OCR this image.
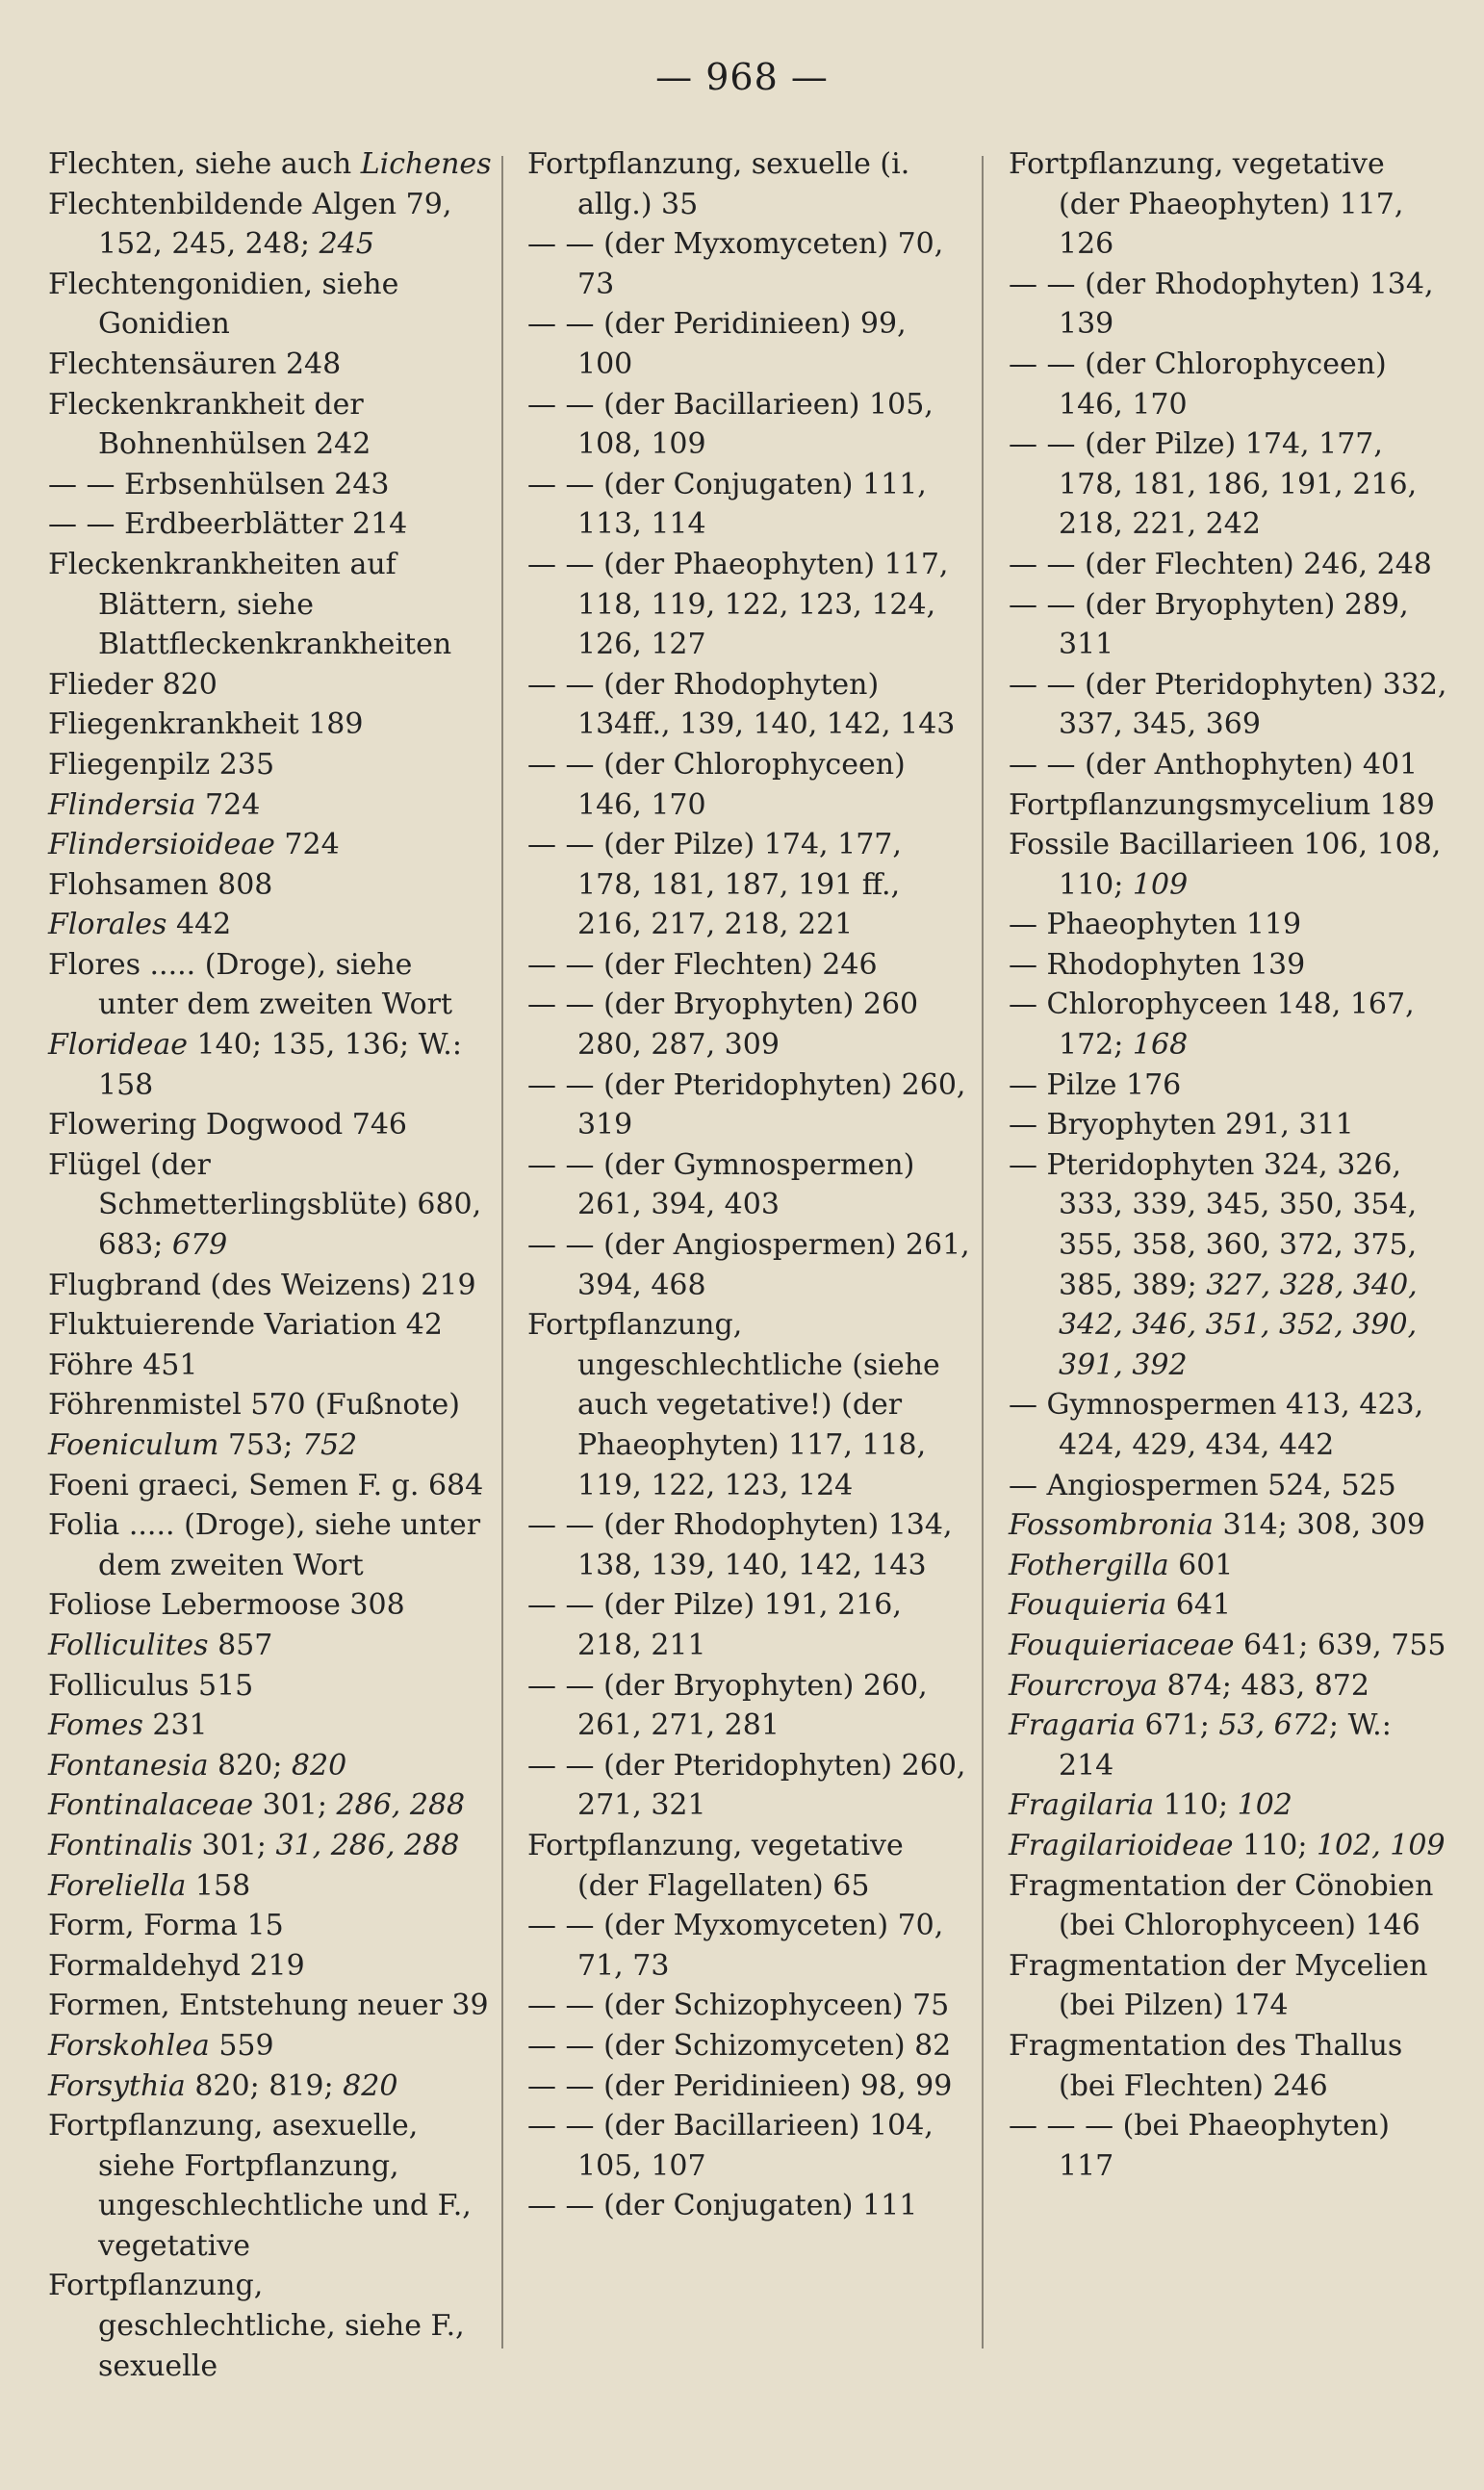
— 968 —

Flechten, siehe auch Lichenes

Flechtenbildende Algen 79, 152, 245, 248; 245

Flechtengonidien, siehe Gonidien

Flechtensäuren 248

Fleckenkrankheit der Bohnenhülsen 242

— — Erbsenhülsen 243

— — Erdbeerblätter 214

Fleckenkrankheiten auf Blättern, siehe Blattfleckenkrankheiten

Flieder 820

Fliegenkrankheit 189

Fliegenpilz 235

Flindersia 724

Flindersioideae 724

Flohsamen 808

Florales 442

Flores ..... (Droge), siehe unter dem zweiten Wort

Florideae 140; 135, 136; W.: 158

Flowering Dogwood 746

Flügel (der Schmetterlingsblüte) 680, 683; 679

Flugbrand (des Weizens) 219

Fluktuierende Variation 42

Föhre 451

Föhrenmistel 570 (Fußnote)

Foeniculum 753; 752

Foeni graeci, Semen F. g. 684

Folia ..... (Droge), siehe unter dem zweiten Wort

Foliose Lebermoose 308

Folliculites 857

Folliculus 515

Fomes 231

Fontanesia 820; 820

Fontinalaceae 301; 286, 288

Fontinalis 301; 31, 286, 288

Foreliella 158

Form, Forma 15

Formaldehyd 219

Formen, Entstehung neuer 39

Forskohlea 559

Forsythia 820; 819; 820

Fortpflanzung, asexuelle, siehe Fortpflanzung, ungeschlechtliche und F., vegetative

Fortpflanzung, geschlechtliche, siehe F., sexuelle

Fortpflanzung, sexuelle (i. allg.) 35

— — (der Myxomyceten) 70, 73

— — (der Peridinieen) 99, 100

— — (der Bacillarieen) 105, 108, 109

— — (der Conjugaten) 111, 113, 114

— — (der Phaeophyten) 117, 118, 119, 122, 123, 124, 126, 127

— — (der Rhodophyten) 134ff., 139, 140, 142, 143

— — (der Chlorophyceen) 146, 170

— — (der Pilze) 174, 177, 178, 181, 187, 191 ff., 216, 217, 218, 221

— — (der Flechten) 246

— — (der Bryophyten) 260 280, 287, 309

— — (der Pteridophyten) 260, 319

— — (der Gymnospermen) 261, 394, 403

— — (der Angiospermen) 261, 394, 468

Fortpflanzung, ungeschlechtliche (siehe auch vegetative!) (der Phaeophyten) 117, 118, 119, 122, 123, 124

— — (der Rhodophyten) 134, 138, 139, 140, 142, 143

— — (der Pilze) 191, 216, 218, 211

— — (der Bryophyten) 260, 261, 271, 281

— — (der Pteridophyten) 260, 271, 321

Fortpflanzung, vegetative (der Flagellaten) 65

— — (der Myxomyceten) 70, 71, 73

— — (der Schizophyceen) 75

— — (der Schizomyceten) 82

— — (der Peridinieen) 98, 99

— — (der Bacillarieen) 104, 105, 107

— — (der Conjugaten) 111

Fortpflanzung, vegetative (der Phaeophyten) 117, 126

— — (der Rhodophyten) 134, 139

— — (der Chlorophyceen) 146, 170

— — (der Pilze) 174, 177, 178, 181, 186, 191, 216, 218, 221, 242

— — (der Flechten) 246, 248

— — (der Bryophyten) 289, 311

— — (der Pteridophyten) 332, 337, 345, 369

— — (der Anthophyten) 401

Fortpflanzungsmycelium 189

Fossile Bacillarieen 106, 108, 110; 109

— Phaeophyten 119

— Rhodophyten 139

— Chlorophyceen 148, 167, 172; 168

— Pilze 176

— Bryophyten 291, 311

— Pteridophyten 324, 326, 333, 339, 345, 350, 354, 355, 358, 360, 372, 375, 385, 389; 327, 328, 340, 342, 346, 351, 352, 390, 391, 392

— Gymnospermen 413, 423, 424, 429, 434, 442

— Angiospermen 524, 525

Fossombronia 314; 308, 309

Fothergilla 601

Fouquieria 641

Fouquieriaceae 641; 639, 755

Fourcroya 874; 483, 872

Fragaria 671; 53, 672; W.: 214

Fragilaria 110; 102

Fragilarioideae 110; 102, 109

Fragmentation der Cönobien (bei Chlorophyceen) 146

Fragmentation der Mycelien (bei Pilzen) 174

Fragmentation des Thallus (bei Flechten) 246

— — — (bei Phaeophyten) 117
